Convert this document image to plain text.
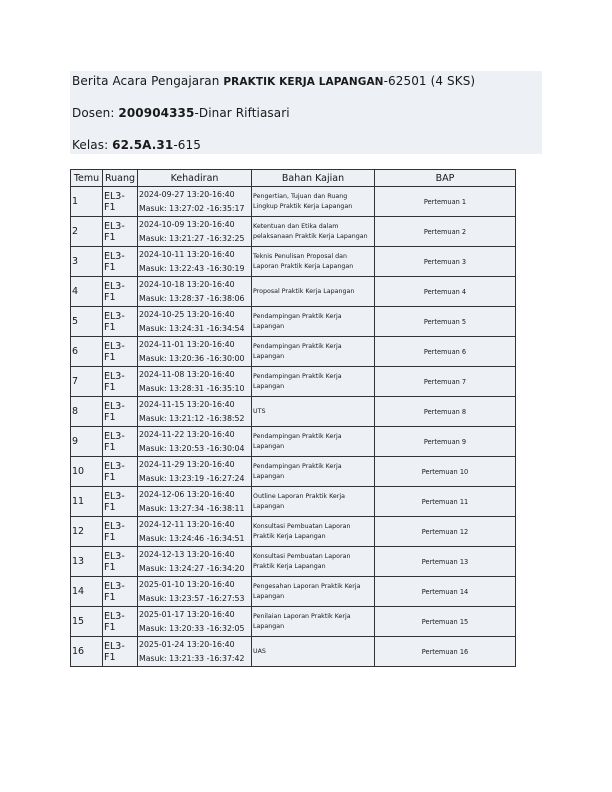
Berita Acara Pengajaran PRAKTIK KERJA LAPANGAN-62501 (4 SKS)
Dosen: 200904335-Dinar Riftiasari
Kelas: 62.5A.31-615
Temu	Ruang	Kehadiran	Bahan Kajian	BAP
1	EL3-F1	2024-09-27 13:20-16:40
Masuk: 13:27:02 -16:35:17	Pengertian, Tujuan dan Ruang Lingkup Praktik Kerja Lapangan	Pertemuan 1
2	EL3-F1	2024-10-09 13:20-16:40
Masuk: 13:21:27 -16:32:25	Ketentuan dan Etika dalam pelaksanaan Praktik Kerja Lapangan	Pertemuan 2
3	EL3-F1	2024-10-11 13:20-16:40
Masuk: 13:22:43 -16:30:19	Teknis Penulisan Proposal dan Laporan Praktik Kerja Lapangan	Pertemuan 3
4	EL3-F1	2024-10-18 13:20-16:40
Masuk: 13:28:37 -16:38:06	Proposal Praktik Kerja Lapangan	Pertemuan 4
5	EL3-F1	2024-10-25 13:20-16:40
Masuk: 13:24:31 -16:34:54	Pendampingan Praktik Kerja Lapangan	Pertemuan 5
6	EL3-F1	2024-11-01 13:20-16:40
Masuk: 13:20:36 -16:30:00	Pendampingan Praktik Kerja Lapangan	Pertemuan 6
7	EL3-F1	2024-11-08 13:20-16:40
Masuk: 13:28:31 -16:35:10	Pendampingan Praktik Kerja Lapangan	Pertemuan 7
8	EL3-F1	2024-11-15 13:20-16:40
Masuk: 13:21:12 -16:38:52	UTS	Pertemuan 8
9	EL3-F1	2024-11-22 13:20-16:40
Masuk: 13:20:53 -16:30:04	Pendampingan Praktik Kerja Lapangan	Pertemuan 9
10	EL3-F1	2024-11-29 13:20-16:40
Masuk: 13:23:19 -16:27:24	Pendampingan Praktik Kerja Lapangan	Pertemuan 10
11	EL3-F1	2024-12-06 13:20-16:40
Masuk: 13:27:34 -16:38:11	Outline Laporan Praktik Kerja Lapangan	Pertemuan 11
12	EL3-F1	2024-12-11 13:20-16:40
Masuk: 13:24:46 -16:34:51	Konsultasi Pembuatan Laporan Praktik Kerja Lapangan	Pertemuan 12
13	EL3-F1	2024-12-13 13:20-16:40
Masuk: 13:24:27 -16:34:20	Konsultasi Pembuatan Laporan Praktik Kerja Lapangan	Pertemuan 13
14	EL3-F1	2025-01-10 13:20-16:40
Masuk: 13:23:57 -16:27:53	Pengesahan Laporan Praktik Kerja Lapangan	Pertemuan 14
15	EL3-F1	2025-01-17 13:20-16:40
Masuk: 13:20:33 -16:32:05	Penilaian Laporan Praktik Kerja Lapangan	Pertemuan 15
16	EL3-F1	2025-01-24 13:20-16:40
Masuk: 13:21:33 -16:37:42	UAS	Pertemuan 16
